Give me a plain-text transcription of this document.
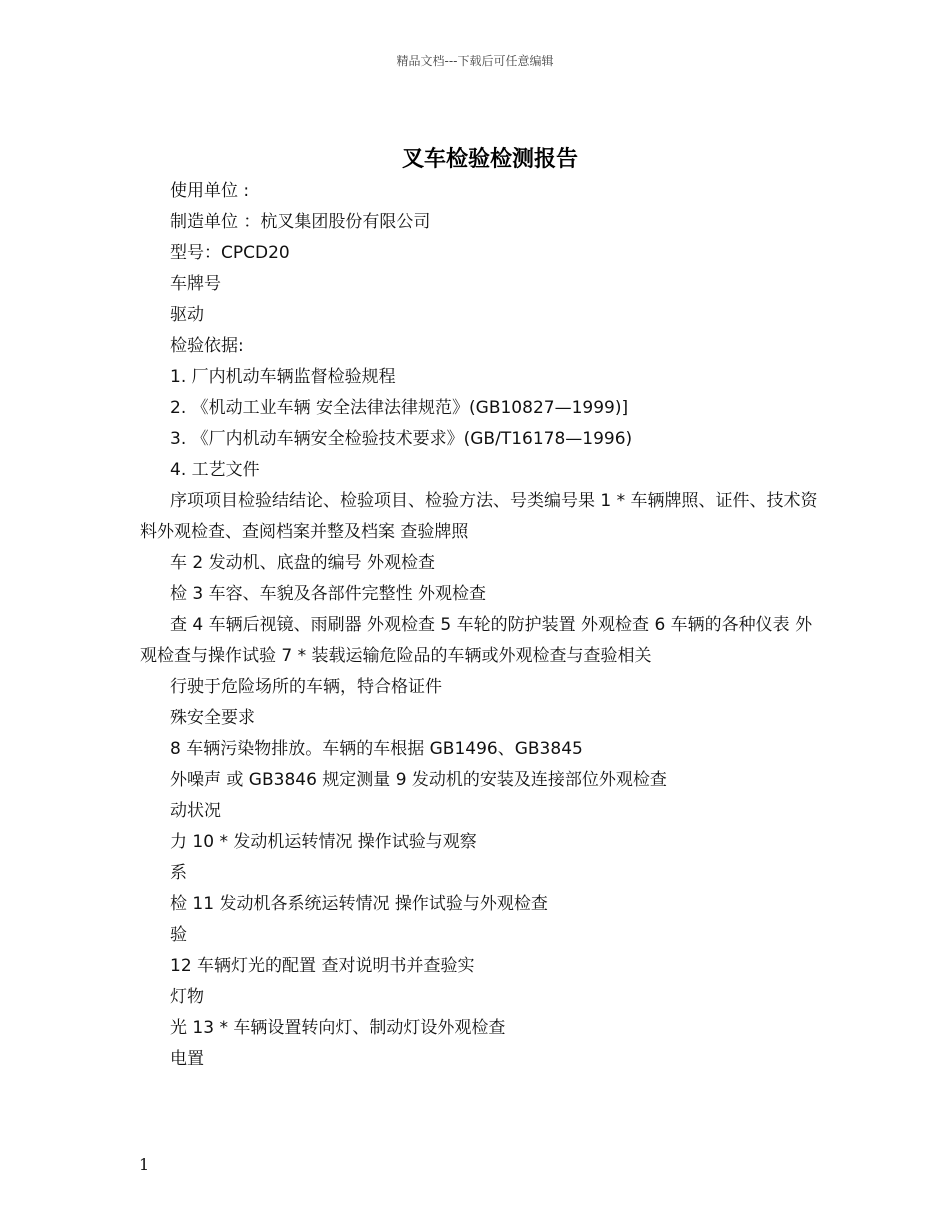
精品文档---下载后可任意编辑
叉车检验检测报告

使用单位 :

制造单位 ：杭叉集团股份有限公司

型号：CPCD20

车牌号

驱动

检验依据:

1. 厂内机动车辆监督检验规程

2. 《机动工业车辆 安全法律法律规范》(GB10827—1999)]

3. 《厂内机动车辆安全检验技术要求》(GB/T16178—1996)

4. 工艺文件

序项项目检验结结论、检验项目、检验方法、号类编号果 1 * 车辆牌照、证件、技术资料外观检查、查阅档案并整及档案 查验牌照

车 2 发动机、底盘的编号 外观检查

检 3 车容、车貌及各部件完整性 外观检查

查 4 车辆后视镜、雨刷器 外观检查 5 车轮的防护装置 外观检查 6 车辆的各种仪表 外观检查与操作试验 7 * 装载运输危险品的车辆或外观检查与查验相关

行驶于危险场所的车辆，特合格证件

殊安全要求

8 车辆污染物排放。车辆的车根据 GB1496、GB3845

外噪声 或 GB3846 规定测量 9 发动机的安装及连接部位外观检查

动状况

力 10 * 发动机运转情况 操作试验与观察

系

检 11 发动机各系统运转情况 操作试验与外观检查

验

12 车辆灯光的配置 查对说明书并查验实

灯物

光 13 * 车辆设置转向灯、制动灯设外观检查

电置

1
